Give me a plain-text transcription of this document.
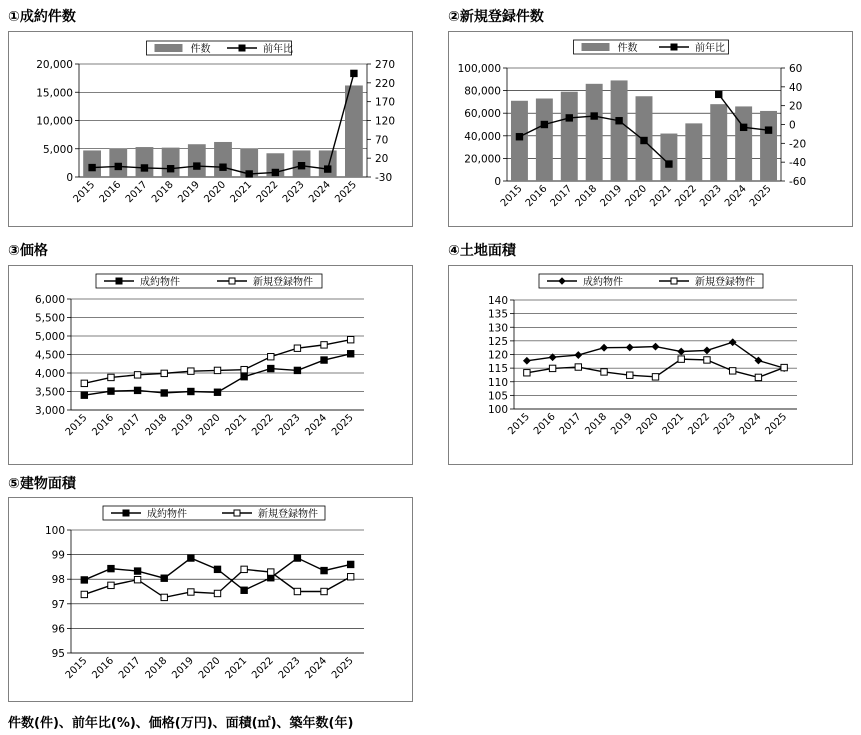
①成約件数
0
5,000
10,000
15,000
20,000
-30
20
70
120
170
220
270
2015 2016 2017 2018 2019 2020 2021 2022 2023 2024 2025
件数	前年比
②新規登録件数
0
20,000
40,000
60,000
80,000
100,000
-60
-40
-20
0
20
40
60
2015 2016 2017 2018 2019 2020 2021 2022 2023 2024 2025
件数	前年比
③価格
3,000
3,500
4,000
4,500
5,000
5,500
6,000
2015 2016 2017 2018 2019 2020 2021 2022 2023 2024 2025
成約物件	新規登録物件
④土地面積
100
105
110
115
120
125
130
135
140
2015 2016 2017 2018 2019 2020 2021 2022 2023 2024 2025
成約物件	新規登録物件
⑤建物面積
95
96
97
98
99
100
2015 2016 2017 2018 2019 2020 2021 2022 2023 2024 2025
成約物件	新規登録物件
件数(件)、前年比(%)、価格(万円)、面積(㎡)、築年数(年)
